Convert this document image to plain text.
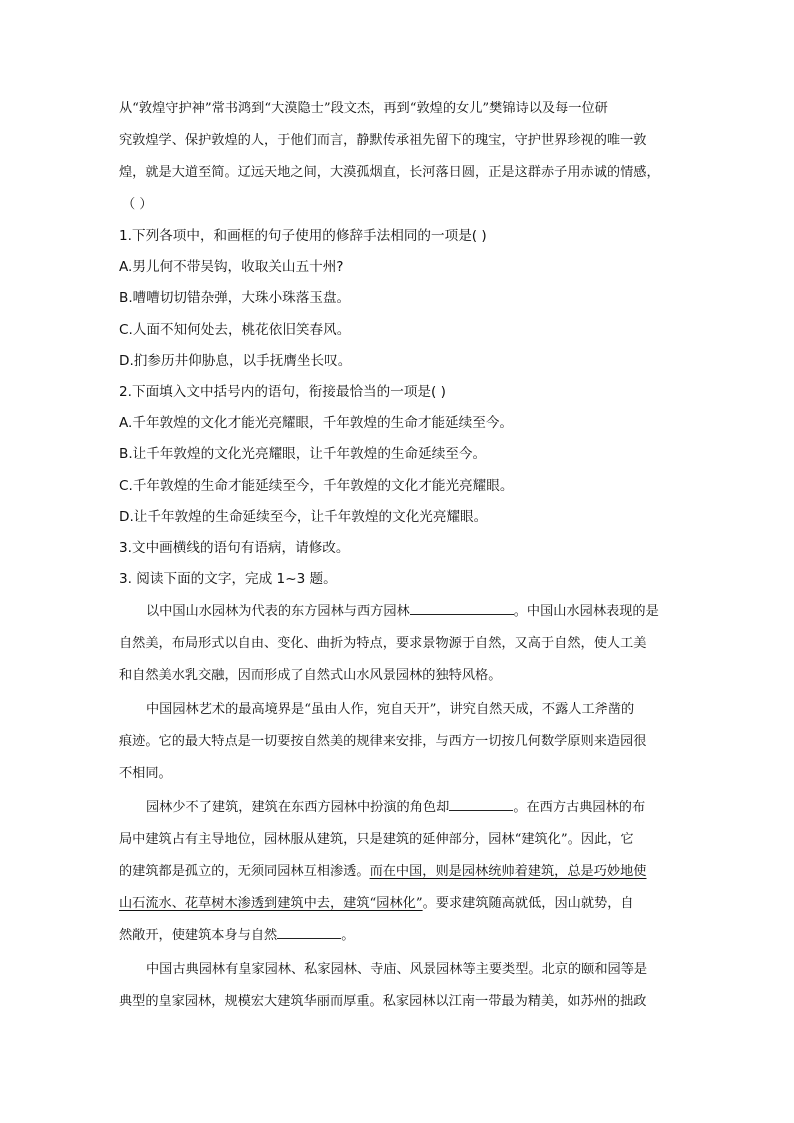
从“敦煌守护神”常书鸿到“大漠隐士”段文杰，再到“敦煌的女儿”樊锦诗以及每一位研

究敦煌学、保护敦煌的人，于他们而言，静默传承祖先留下的瑰宝，守护世界珍视的唯一敦

煌，就是大道至简。辽远天地之间，大漠孤烟直，长河落日圆，正是这群赤子用赤诚的情感，

（ ）

1.下列各项中，和画框的句子使用的修辞手法相同的一项是( )

A.男儿何不带吴钩，收取关山五十州?

B.嘈嘈切切错杂弹，大珠小珠落玉盘。

C.人面不知何处去，桃花依旧笑春风。

D.扪参历井仰胁息，以手抚膺坐长叹。

2.下面填入文中括号内的语句，衔接最恰当的一项是( )

A.千年敦煌的文化才能光亮耀眼，千年敦煌的生命才能延续至今。

B.让千年敦煌的文化光亮耀眼，让千年敦煌的生命延续至今。

C.千年敦煌的生命才能延续至今，千年敦煌的文化才能光亮耀眼。

D.让千年敦煌的生命延续至今，让千年敦煌的文化光亮耀眼。

3.文中画横线的语句有语病，请修改。

3. 阅读下面的文字，完成 1~3 题。

以中国山水园林为代表的东方园林与西方园林	。中国山水园林表现的是
自然美，布局形式以自由、变化、曲折为特点，要求景物源于自然，又高于自然，使人工美
和自然美水乳交融，因而形成了自然式山水风景园林的独特风格。

中国园林艺术的最高境界是“虽由人作，宛自天开”，讲究自然天成，不露人工斧凿的
痕迹。它的最大特点是一切要按自然美的规律来安排，与西方一切按几何数学原则来造园很
不相同。

园林少不了建筑，建筑在东西方园林中扮演的角色却	。在西方古典园林的布
局中建筑占有主导地位，园林服从建筑，只是建筑的延伸部分，园林“建筑化”。因此，它
的建筑都是孤立的，无须同园林互相渗透。而在中国，则是园林统帅着建筑，总是巧妙地使
山石流水、花草树木渗透到建筑中去，建筑“园林化”。要求建筑随高就低，因山就势，自
然敞开，使建筑本身与自然	。

中国古典园林有皇家园林、私家园林、寺庙、风景园林等主要类型。北京的颐和园等是
典型的皇家园林，规模宏大建筑华丽而厚重。私家园林以江南一带最为精美，如苏州的拙政
